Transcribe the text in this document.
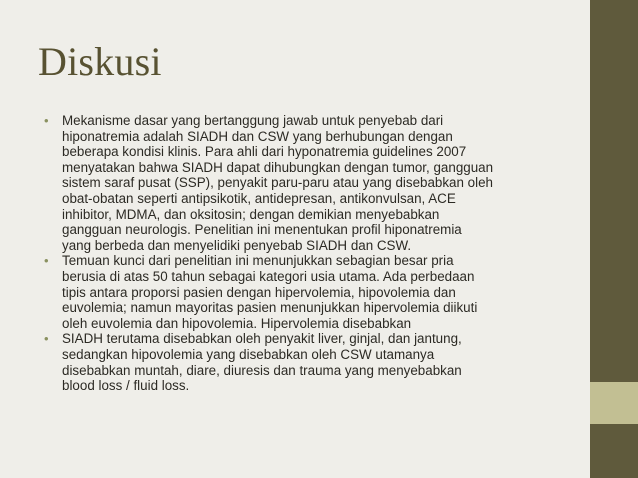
Diskusi
• Mekanisme dasar yang bertanggung jawab untuk penyebab dari
hiponatremia adalah SIADH dan CSW yang berhubungan dengan
beberapa kondisi klinis. Para ahli dari hyponatremia guidelines 2007
menyatakan bahwa SIADH dapat dihubungkan dengan tumor, gangguan
sistem saraf pusat (SSP), penyakit paru-paru atau yang disebabkan oleh
obat-obatan seperti antipsikotik, antidepresan, antikonvulsan, ACE
inhibitor, MDMA, dan oksitosin; dengan demikian menyebabkan
gangguan neurologis. Penelitian ini menentukan profil hiponatremia
yang berbeda dan menyelidiki penyebab SIADH dan CSW.
• Temuan kunci dari penelitian ini menunjukkan sebagian besar pria
berusia di atas 50 tahun sebagai kategori usia utama. Ada perbedaan
tipis antara proporsi pasien dengan hipervolemia, hipovolemia dan
euvolemia; namun mayoritas pasien menunjukkan hipervolemia diikuti
oleh euvolemia dan hipovolemia. Hipervolemia disebabkan
• SIADH terutama disebabkan oleh penyakit liver, ginjal, dan jantung,
sedangkan hipovolemia yang disebabkan oleh CSW utamanya
disebabkan muntah, diare, diuresis dan trauma yang menyebabkan
blood loss / fluid loss.
